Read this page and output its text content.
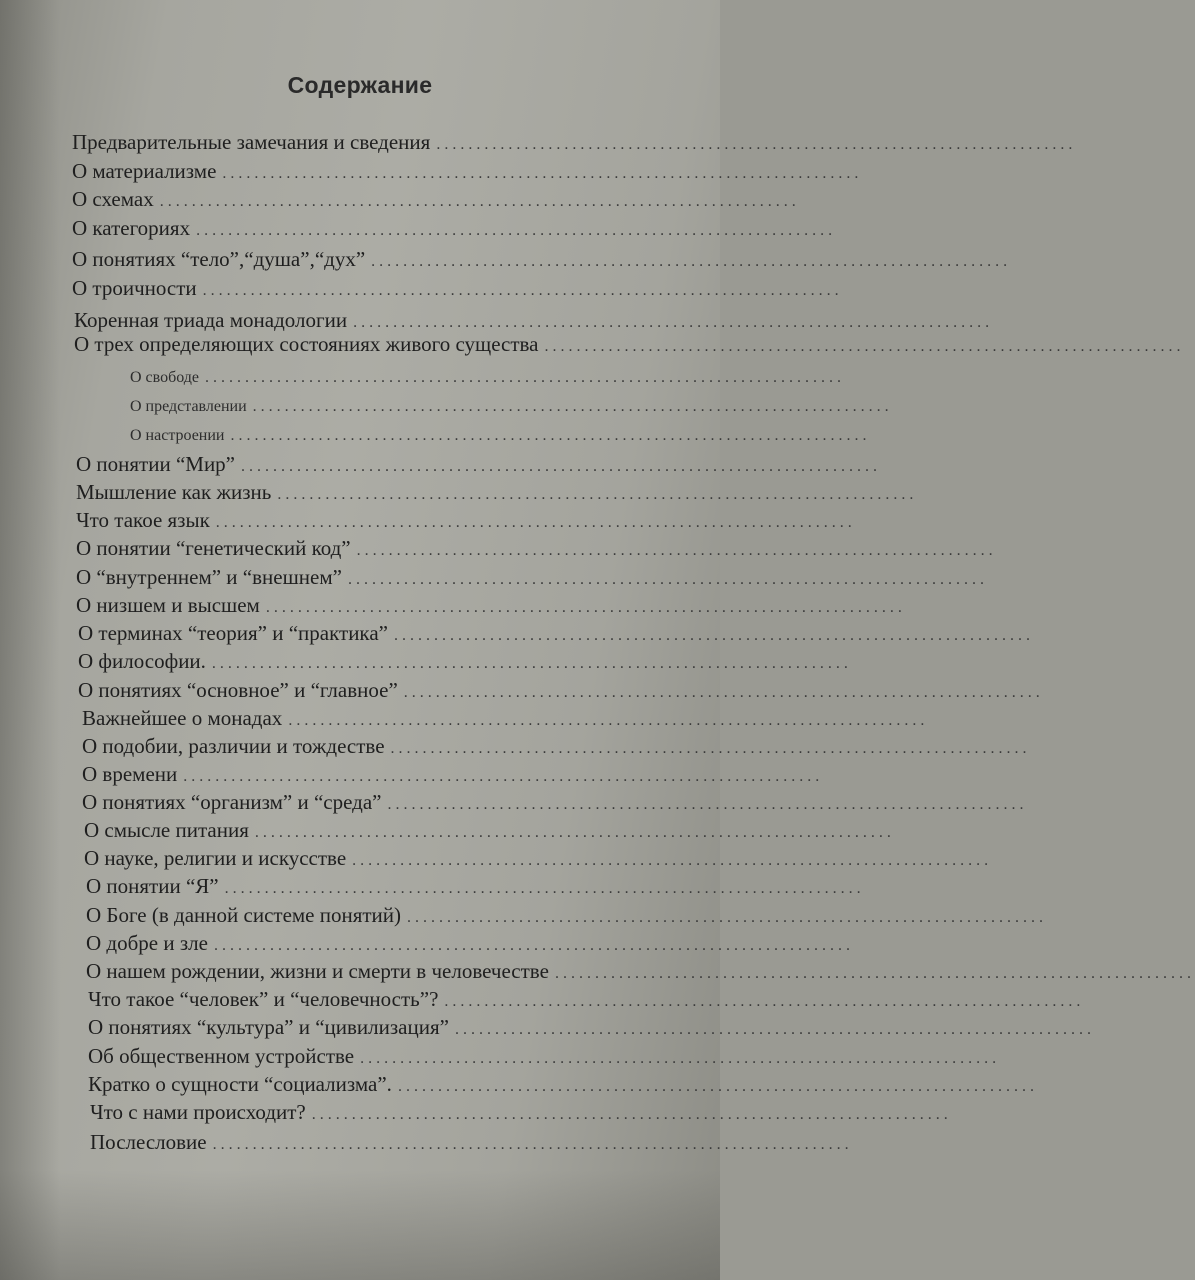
Содержание
Предварительные замечания и сведения ................................................................................
О материализме ................................................................................
О схемах ................................................................................
О категориях ................................................................................
О понятиях “тело”,“душа”,“дух” ................................................................................
О троичности ................................................................................
Коренная триада монадологии ................................................................................
О трех определяющих состояниях живого существа ................................................................................
О свободе ................................................................................
О представлении ................................................................................
О настроении ................................................................................
О понятии “Мир” ................................................................................
Мышление как жизнь ................................................................................
Что такое язык ................................................................................
О понятии “генетический код” ................................................................................
О “внутреннем” и “внешнем” ................................................................................
О низшем и высшем ................................................................................
О терминах “теория” и “практика” ................................................................................
О философии. ................................................................................
О понятиях “основное” и “главное” ................................................................................
Важнейшее о монадах ................................................................................
О подобии, различии и тождестве ................................................................................
О времени ................................................................................
О понятиях “организм” и “среда” ................................................................................
О смысле питания ................................................................................
О науке, религии и искусстве ................................................................................
О понятии “Я” ................................................................................
О Боге (в данной системе понятий) ................................................................................
О добре и зле ................................................................................
О нашем рождении, жизни и смерти в человечестве ................................................................................
Что такое “человек” и “человечность”? ................................................................................
О понятиях “культура” и “цивилизация” ................................................................................
Об общественном устройстве ................................................................................
Кратко о сущности “социализма”. ................................................................................
Что с нами происходит? ................................................................................
Послесловие ................................................................................
